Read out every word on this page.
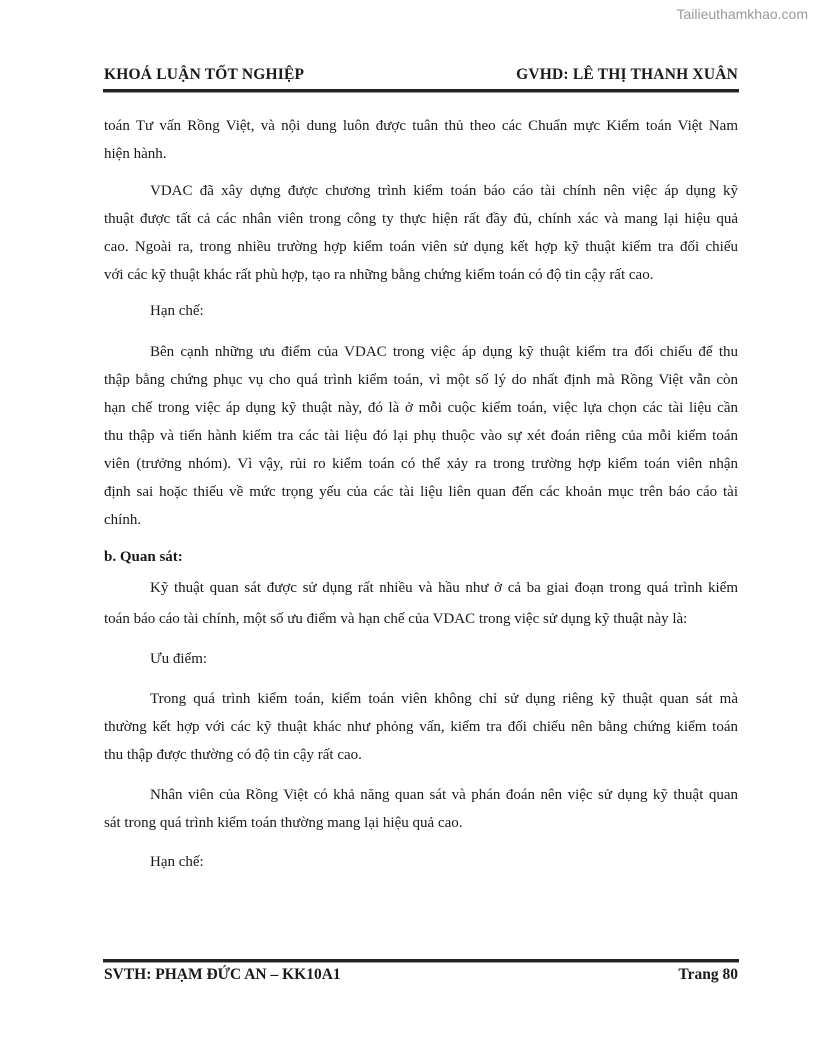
Tailieuthamkhao.com
KHOÁ LUẬN TỐT NGHIỆP	GVHD: LÊ THỊ THANH XUÂN
toán Tư vấn Rồng Việt, và nội dung luôn được tuân thủ theo các Chuẩn mực Kiểm toán Việt Nam
hiện hành.
VDAC đã xây dựng được chương trình kiểm toán báo cáo tài chính nên việc áp dụng kỹ
thuật được tất cả các nhân viên trong công ty thực hiện rất đầy đủ, chính xác và mang lại hiệu quả
cao. Ngoài ra, trong nhiều trường hợp kiểm toán viên sử dụng kết hợp kỹ thuật kiểm tra đối chiếu
với các kỹ thuật khác rất phù hợp, tạo ra những bằng chứng kiểm toán có độ tin cậy rất cao.
Hạn chế:
Bên cạnh những ưu điểm của VDAC trong việc áp dụng kỹ thuật kiểm tra đối chiếu để thu
thập bằng chứng phục vụ cho quá trình kiểm toán, vì một số lý do nhất định mà Rồng Việt vẫn còn
hạn chế trong việc áp dụng kỹ thuật này, đó là ở mỗi cuộc kiểm toán, việc lựa chọn các tài liệu cần
thu thập và tiến hành kiểm tra các tài liệu đó lại phụ thuộc vào sự xét đoán riêng của mỗi kiểm toán
viên (trưởng nhóm). Vì vậy, rủi ro kiểm toán có thể xảy ra trong trường hợp kiểm toán viên nhận
định sai hoặc thiếu về mức trọng yếu của các tài liệu liên quan đến các khoản mục trên báo cáo tài
chính.
b. Quan sát:
Kỹ thuật quan sát được sử dụng rất nhiều và hầu như ở cả ba giai đoạn trong quá trình kiểm
toán báo cáo tài chính, một số ưu điểm và hạn chế của VDAC trong việc sử dụng kỹ thuật này là:
Ưu điểm:
Trong quá trình kiểm toán, kiểm toán viên không chỉ sử dụng riêng kỹ thuật quan sát mà
thường kết hợp với các kỹ thuật khác như phỏng vấn, kiểm tra đối chiếu nên bằng chứng kiểm toán
thu thập được thường có độ tin cậy rất cao.
Nhân viên của Rồng Việt có khả năng quan sát và phán đoán nên việc sử dụng kỹ thuật quan
sát trong quá trình kiểm toán thường mang lại hiệu quả cao.
Hạn chế:
SVTH: PHẠM ĐỨC AN – KK10A1	Trang 80
